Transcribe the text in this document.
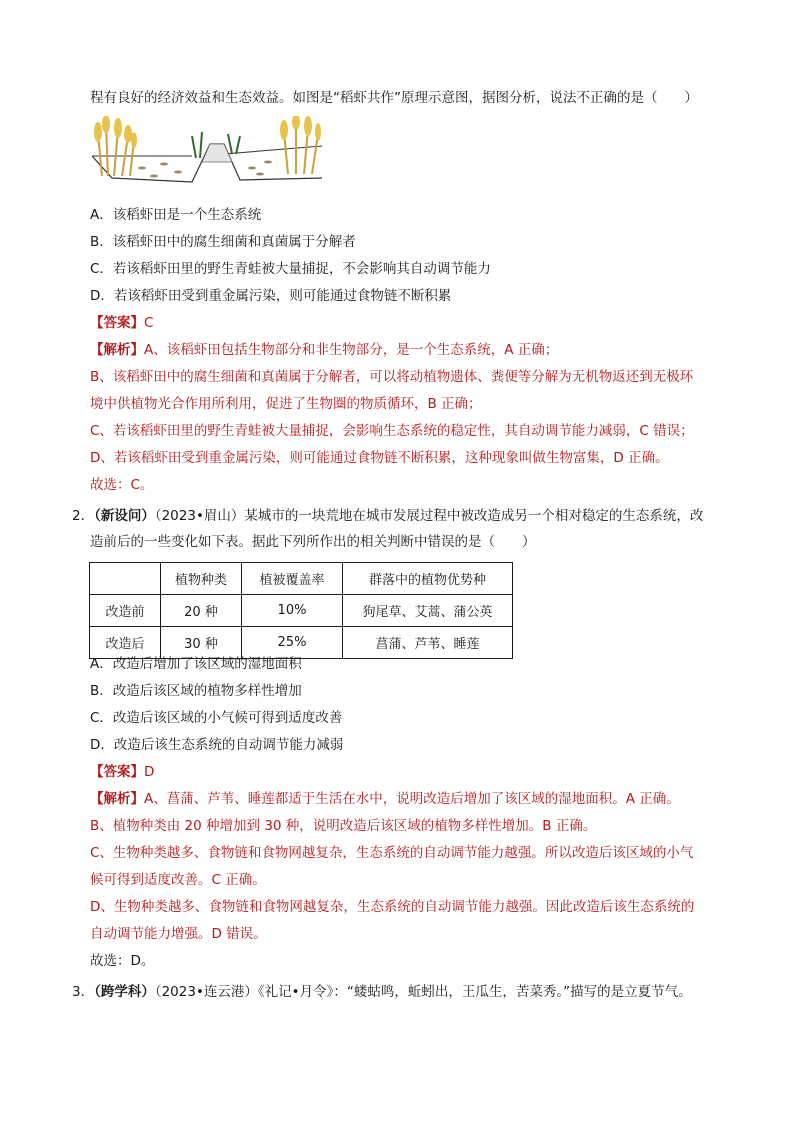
程有良好的经济效益和生态效益。如图是“稻虾共作”原理示意图，据图分析，说法不正确的是（　　）
A．该稻虾田是一个生态系统
B．该稻虾田中的腐生细菌和真菌属于分解者
C．若该稻虾田里的野生青蛙被大量捕捉，不会影响其自动调节能力
D．若该稻虾田受到重金属污染，则可能通过食物链不断积累
【答案】C
【解析】A、该稻虾田包括生物部分和非生物部分，是一个生态系统，A 正确；
B、该稻虾田中的腐生细菌和真菌属于分解者，可以将动植物遗体、粪便等分解为无机物返还到无极环
境中供植物光合作用所利用，促进了生物圈的物质循环，B 正确；
C、若该稻虾田里的野生青蛙被大量捕捉，会影响生态系统的稳定性，其自动调节能力减弱，C 错误；
D、若该稻虾田受到重金属污染，则可能通过食物链不断积累，这种现象叫做生物富集，D 正确。
故选：C。
2．（新设问）（2023•眉山）某城市的一块荒地在城市发展过程中被改造成另一个相对稳定的生态系统，改
造前后的一些变化如下表。据此下列所作出的相关判断中错误的是（　　）
	植物种类	植被覆盖率	群落中的植物优势种
改造前	20 种	10%	狗尾草、艾蒿、蒲公英
改造后	30 种	25%	菖蒲、芦苇、睡莲
A．改造后增加了该区域的湿地面积
B．改造后该区域的植物多样性增加
C．改造后该区域的小气候可得到适度改善
D．改造后该生态系统的自动调节能力减弱
【答案】D
【解析】A、菖蒲、芦苇、睡莲都适于生活在水中，说明改造后增加了该区域的湿地面积。A 正确。
B、植物种类由 20 种增加到 30 种，说明改造后该区域的植物多样性增加。B 正确。
C、生物种类越多、食物链和食物网越复杂，生态系统的自动调节能力越强。所以改造后该区域的小气
候可得到适度改善。C 正确。
D、生物种类越多、食物链和食物网越复杂，生态系统的自动调节能力越强。因此改造后该生态系统的
自动调节能力增强。D 错误。
故选：D。
3．（跨学科）（2023•连云港）《礼记•月令》：“蝼蛄鸣，蚯蚓出，王瓜生，苦菜秀。”描写的是立夏节气。
